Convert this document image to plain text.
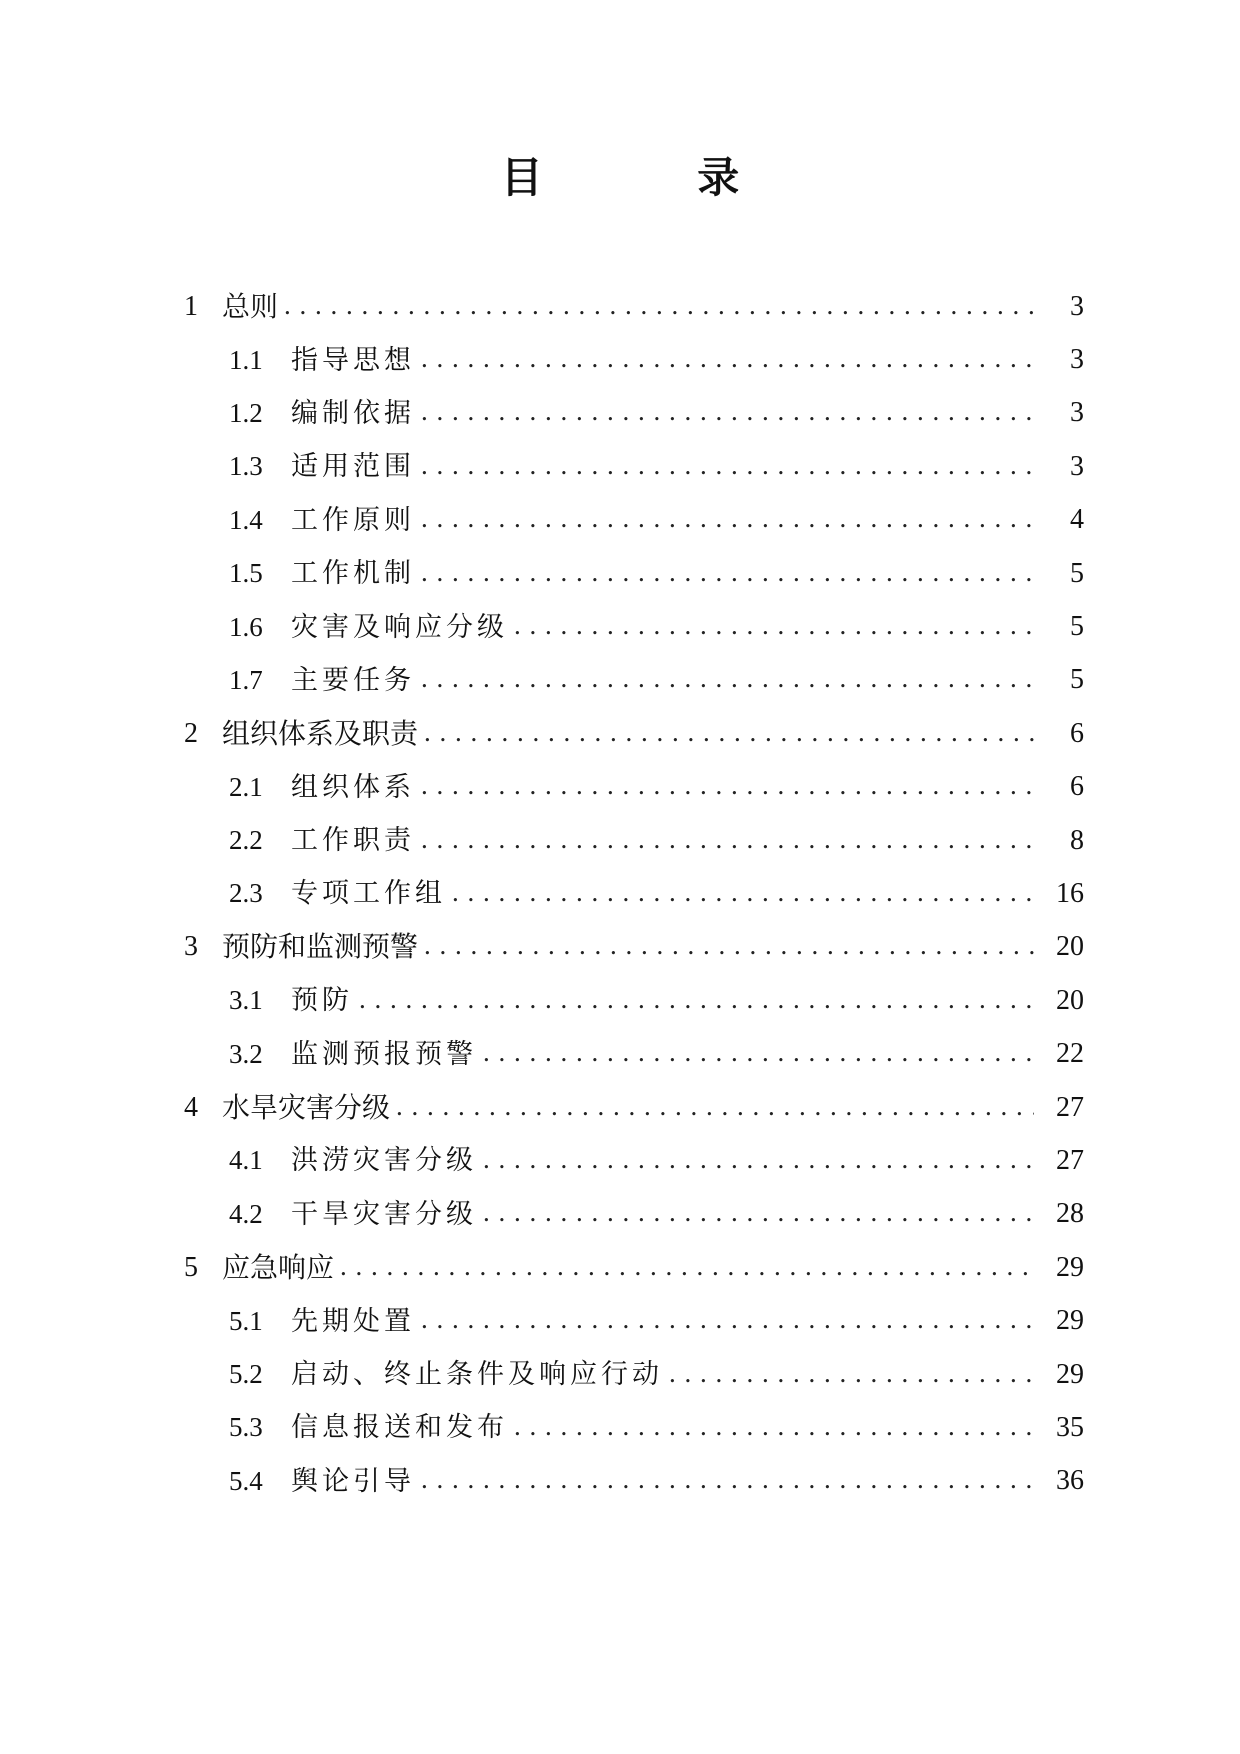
目 录
1 总则 . . .	3
1.1	指导思想 . . .	3
1.2	编制依据 . . .	3
1.3	适用范围 . . .	3
1.4	工作原则 . . .	4
1.5	工作机制 . . .	5
1.6	灾害及响应分级 . . .	5
1.7	主要任务 . . .	5
2 组织体系及职责 . . .	6
2.1	组织体系 . . .	6
2.2	工作职责 . . .	8
2.3	专项工作组 . . .	16
3 预防和监测预警 . . .	20
3.1	预防 . . .	20
3.2	监测预报预警 . . .	22
4 水旱灾害分级 . . .	27
4.1	洪涝灾害分级 . . .	27
4.2	干旱灾害分级 . . .	28
5 应急响应 . . .	29
5.1	先期处置 . . .	29
5.2	启动、终止条件及响应行动 . . .	29
5.3	信息报送和发布 . . .	35
5.4	舆论引导 . . .	36
